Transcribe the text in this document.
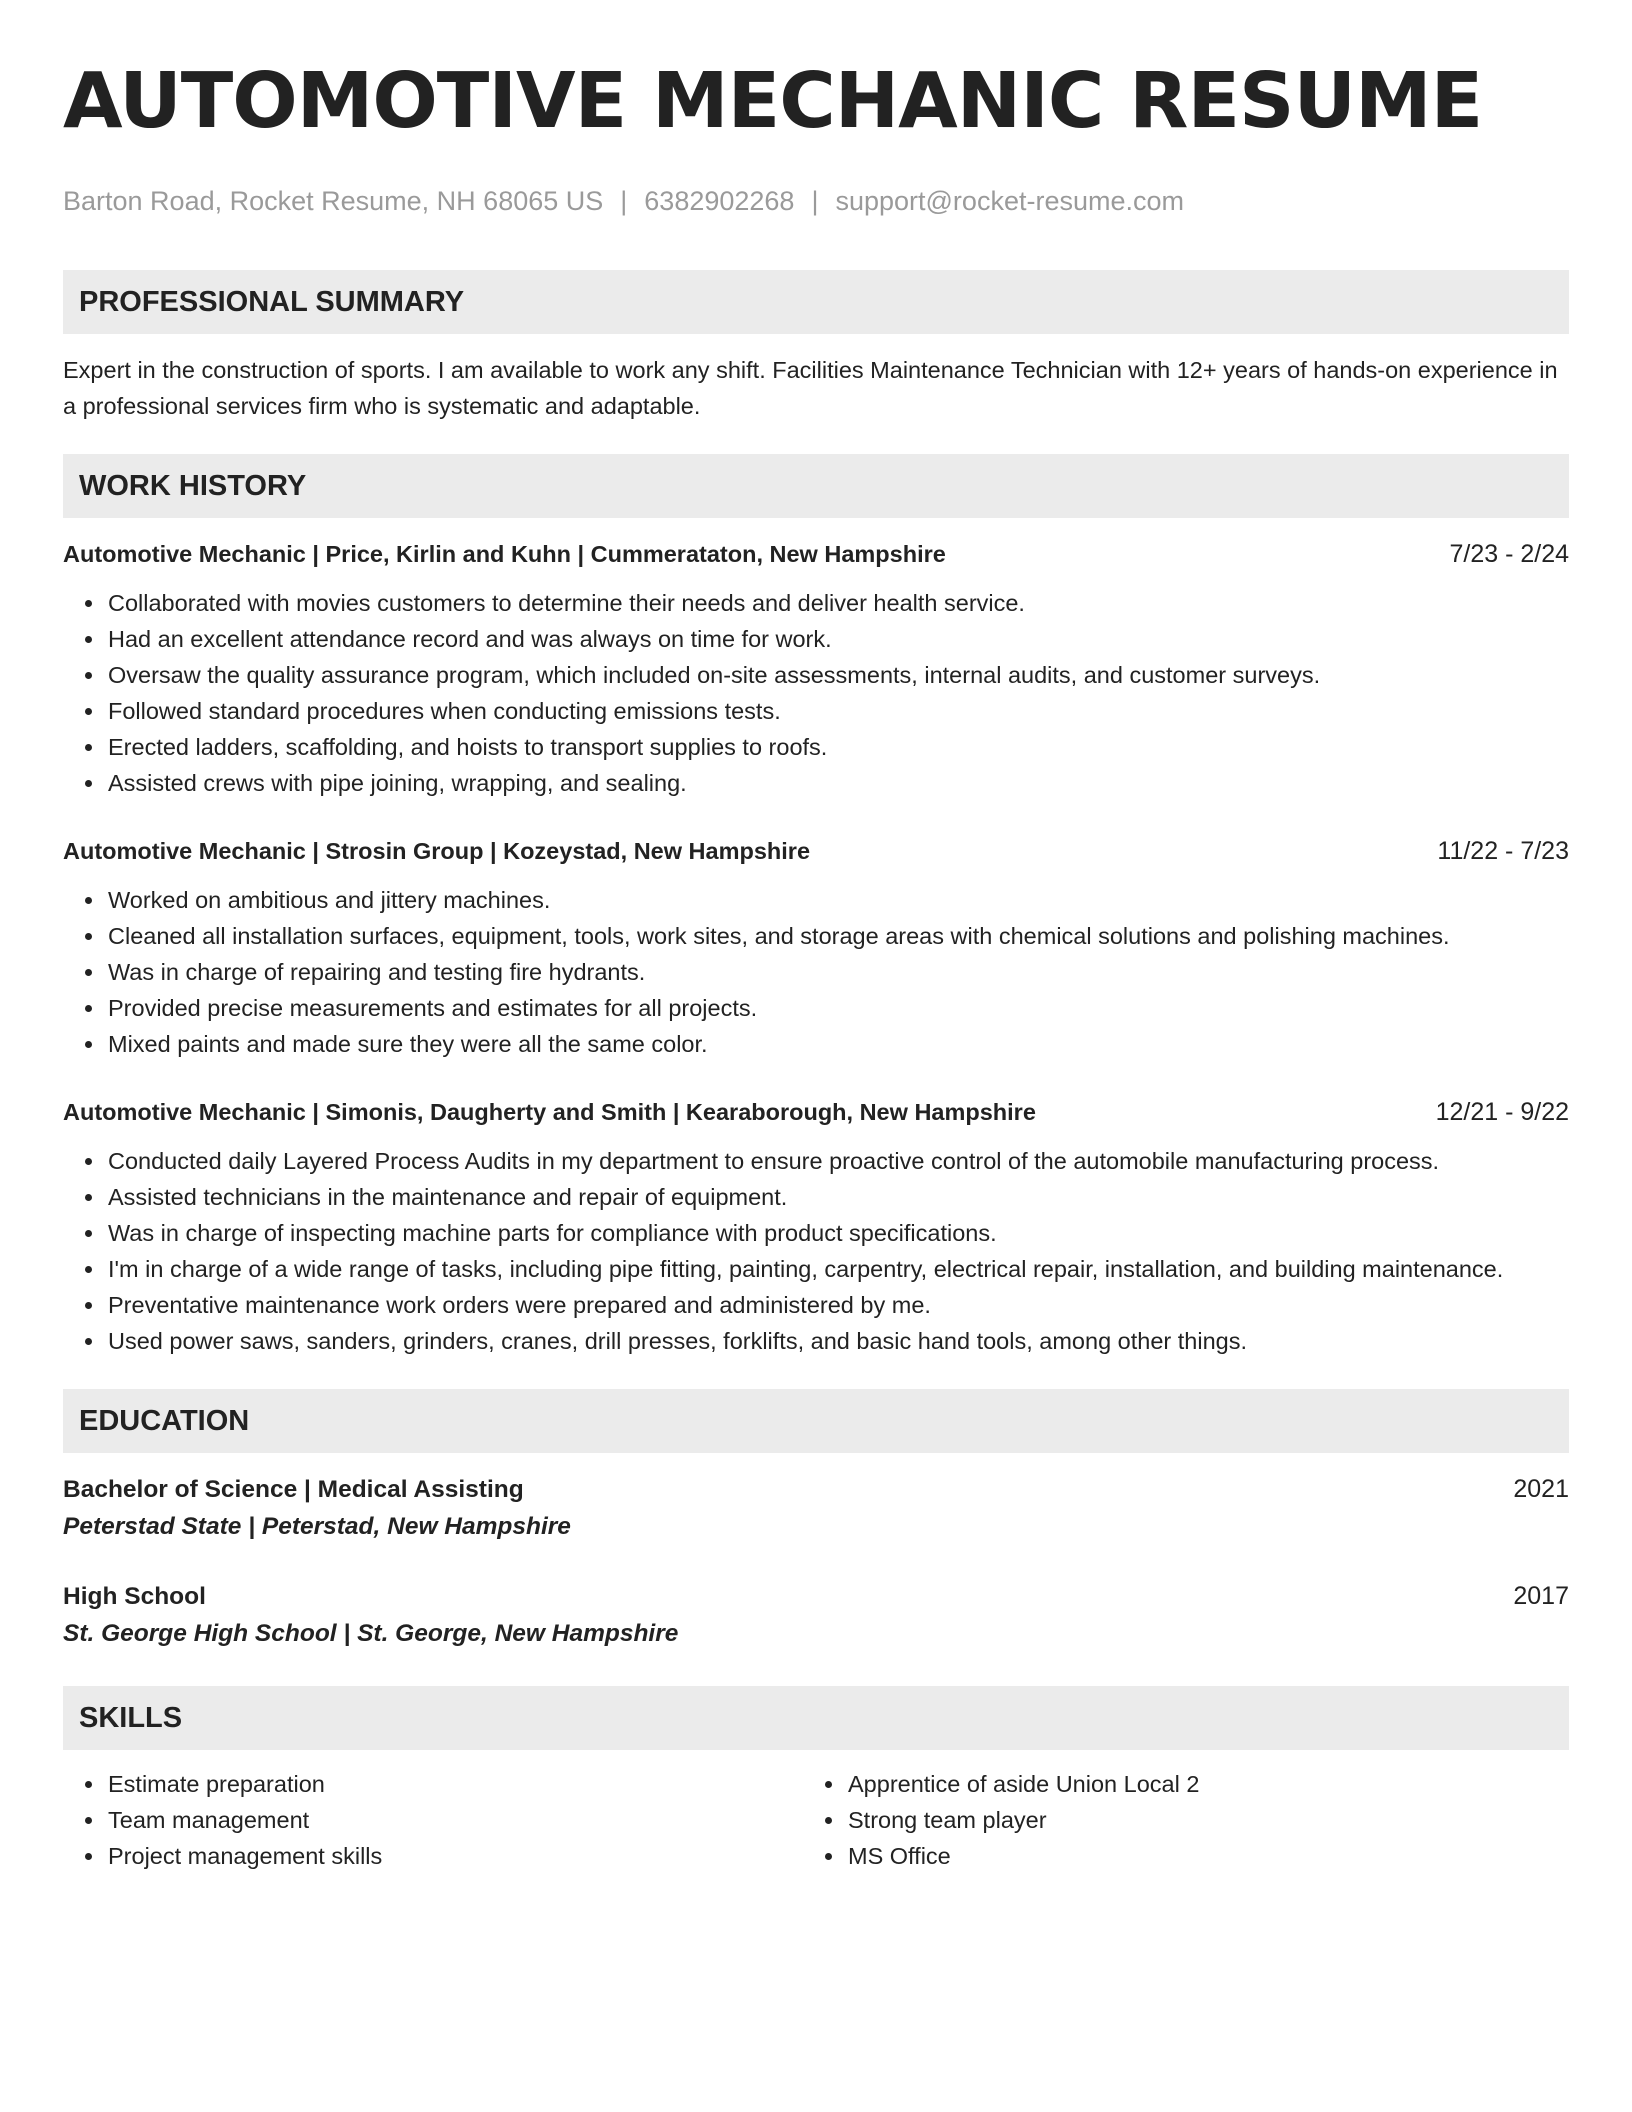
AUTOMOTIVE MECHANIC RESUME
Barton Road, Rocket Resume, NH 68065 US | 6382902268 | support@rocket-resume.com
PROFESSIONAL SUMMARY

Expert in the construction of sports. I am available to work any shift. Facilities Maintenance Technician with 12+ years of hands-on experience in a professional services firm who is systematic and adaptable.

WORK HISTORY
Automotive Mechanic | Price, Kirlin and Kuhn | Cummerataton, New Hampshire	7/23 - 2/24
• Collaborated with movies customers to determine their needs and deliver health service.
• Had an excellent attendance record and was always on time for work.
• Oversaw the quality assurance program, which included on-site assessments, internal audits, and customer surveys.
• Followed standard procedures when conducting emissions tests.
• Erected ladders, scaffolding, and hoists to transport supplies to roofs.
• Assisted crews with pipe joining, wrapping, and sealing.
Automotive Mechanic | Strosin Group | Kozeystad, New Hampshire	11/22 - 7/23
• Worked on ambitious and jittery machines.
• Cleaned all installation surfaces, equipment, tools, work sites, and storage areas with chemical solutions and polishing machines.
• Was in charge of repairing and testing fire hydrants.
• Provided precise measurements and estimates for all projects.
• Mixed paints and made sure they were all the same color.
Automotive Mechanic | Simonis, Daugherty and Smith | Kearaborough, New Hampshire	12/21 - 9/22
• Conducted daily Layered Process Audits in my department to ensure proactive control of the automobile manufacturing process.
• Assisted technicians in the maintenance and repair of equipment.
• Was in charge of inspecting machine parts for compliance with product specifications.
• I'm in charge of a wide range of tasks, including pipe fitting, painting, carpentry, electrical repair, installation, and building maintenance.
• Preventative maintenance work orders were prepared and administered by me.
• Used power saws, sanders, grinders, cranes, drill presses, forklifts, and basic hand tools, among other things.
EDUCATION
Bachelor of Science | Medical Assisting	2021
Peterstad State | Peterstad, New Hampshire
High School	2017
St. George High School | St. George, New Hampshire
SKILLS
• Estimate preparation
• Team management
• Project management skills
• Apprentice of aside Union Local 2
• Strong team player
• MS Office
